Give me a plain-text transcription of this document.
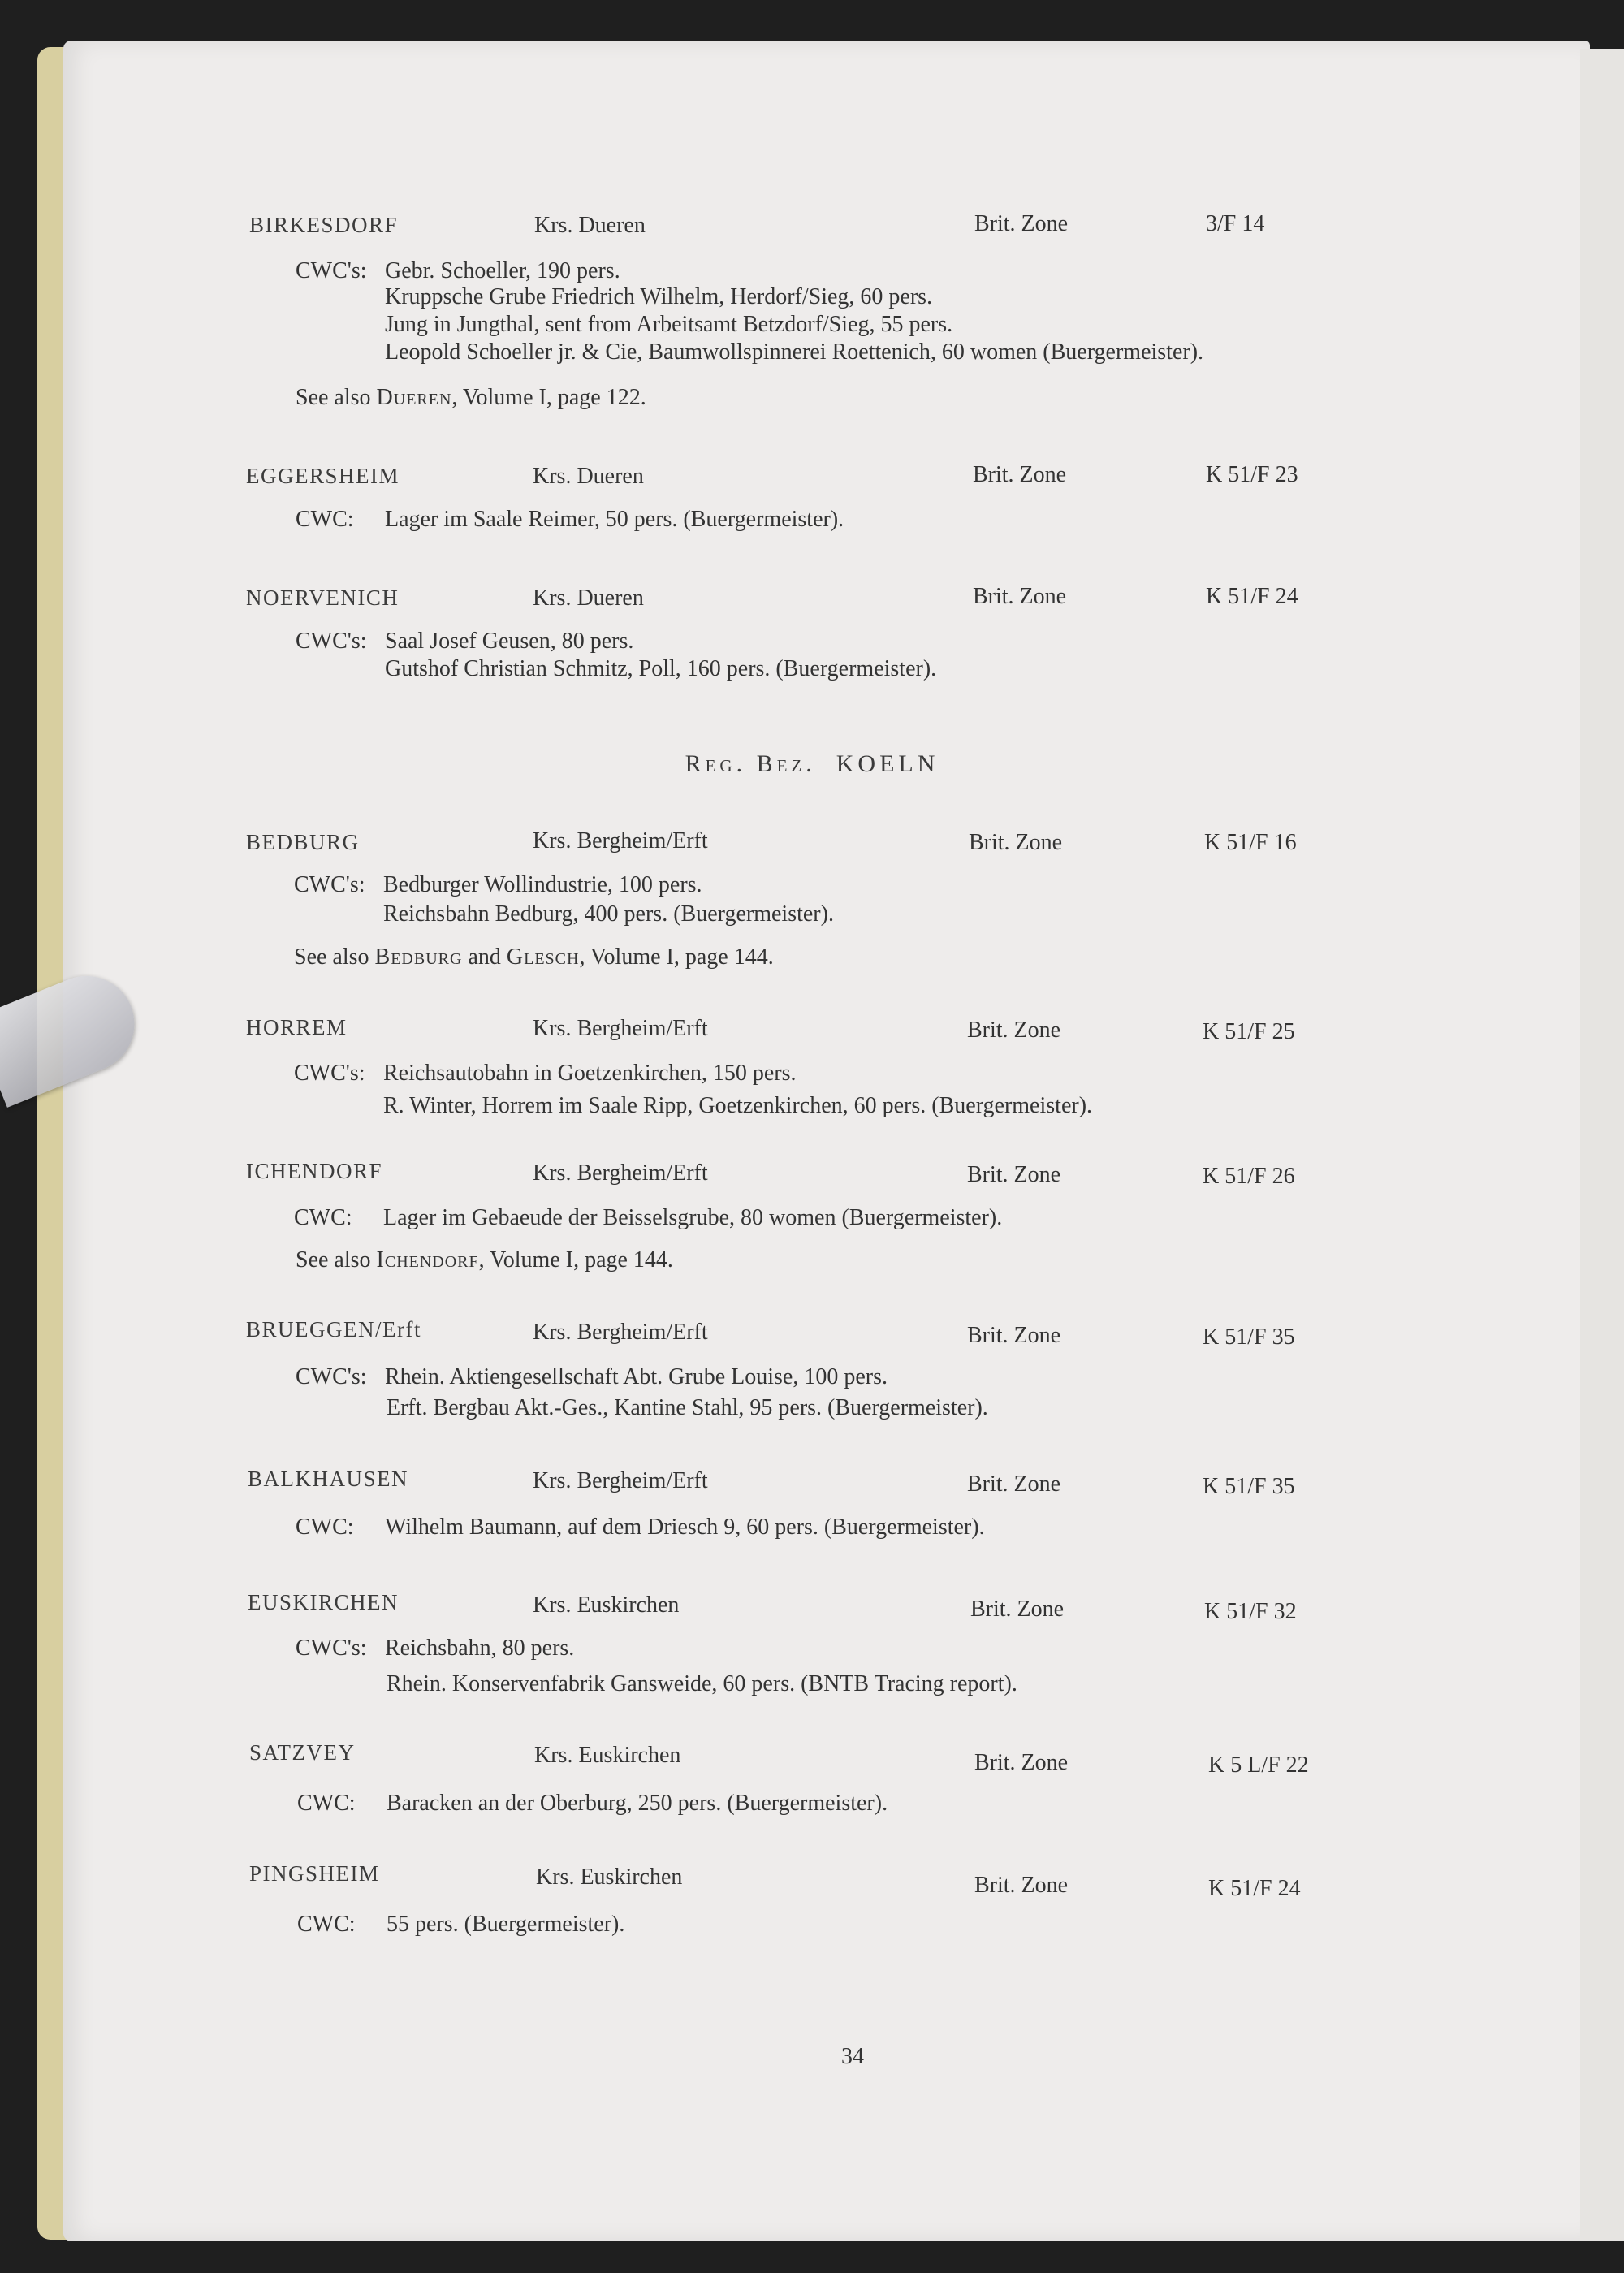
BIRKESDORF	Krs. Dueren	Brit. Zone	3/F 14
CWC's: Gebr. Schoeller, 190 pers.
Kruppsche Grube Friedrich Wilhelm, Herdorf/Sieg, 60 pers.
Jung in Jungthal, sent from Arbeitsamt Betzdorf/Sieg, 55 pers.
Leopold Schoeller jr. & Cie, Baumwollspinnerei Roettenich, 60 women (Buergermeister).
See also Dueren, Volume I, page 122.
EGGERSHEIM	Krs. Dueren	Brit. Zone	K 51/F 23
CWC: Lager im Saale Reimer, 50 pers. (Buergermeister).
NOERVENICH	Krs. Dueren	Brit. Zone	K 51/F 24
CWC's: Saal Josef Geusen, 80 pers.
Gutshof Christian Schmitz, Poll, 160 pers. (Buergermeister).
Reg. Bez. KOELN
BEDBURG	Krs. Bergheim/Erft	Brit. Zone	K 51/F 16
CWC's: Bedburger Wollindustrie, 100 pers.
Reichsbahn Bedburg, 400 pers. (Buergermeister).
See also Bedburg and Glesch, Volume I, page 144.
HORREM	Krs. Bergheim/Erft	Brit. Zone	K 51/F 25
CWC's: Reichsautobahn in Goetzenkirchen, 150 pers.
R. Winter, Horrem im Saale Ripp, Goetzenkirchen, 60 pers. (Buergermeister).
ICHENDORF	Krs. Bergheim/Erft	Brit. Zone	K 51/F 26
CWC: Lager im Gebaeude der Beisselsgrube, 80 women (Buergermeister).
See also Ichendorf, Volume I, page 144.
BRUEGGEN/Erft	Krs. Bergheim/Erft	Brit. Zone	K 51/F 35
CWC's: Rhein. Aktiengesellschaft Abt. Grube Louise, 100 pers.
Erft. Bergbau Akt.-Ges., Kantine Stahl, 95 pers. (Buergermeister).
BALKHAUSEN	Krs. Bergheim/Erft	Brit. Zone	K 51/F 35
CWC: Wilhelm Baumann, auf dem Driesch 9, 60 pers. (Buergermeister).
EUSKIRCHEN	Krs. Euskirchen	Brit. Zone	K 51/F 32
CWC's: Reichsbahn, 80 pers.
Rhein. Konservenfabrik Gansweide, 60 pers. (BNTB Tracing report).
SATZVEY	Krs. Euskirchen	Brit. Zone	K 5 L/F 22
CWC: Baracken an der Oberburg, 250 pers. (Buergermeister).
PINGSHEIM	Krs. Euskirchen	Brit. Zone	K 51/F 24
CWC: 55 pers. (Buergermeister).
34
